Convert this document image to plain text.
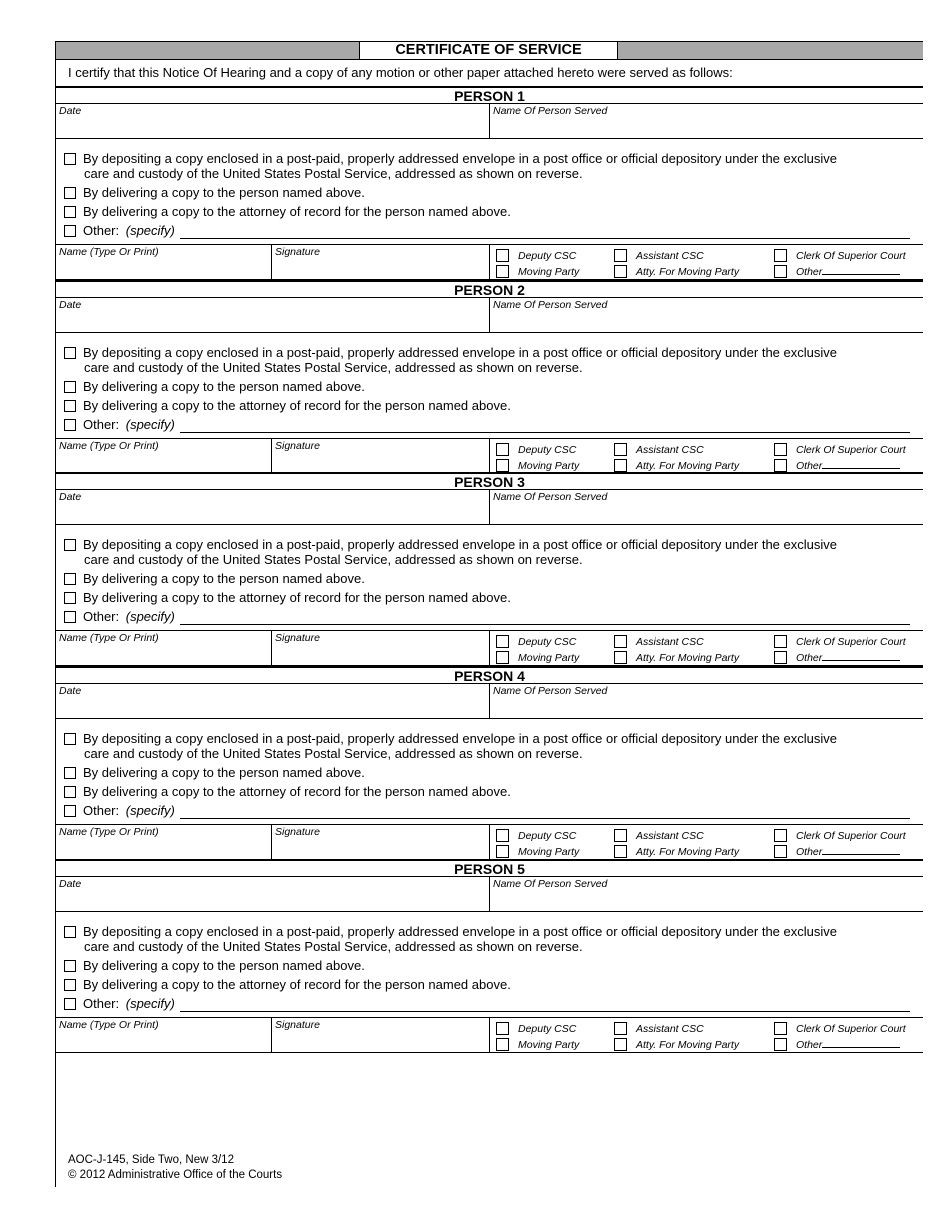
CERTIFICATE OF SERVICE
I certify that this Notice Of Hearing and a copy of any motion or other paper attached hereto were served as follows:
PERSON 1
Date	Name Of Person Served
By depositing a copy enclosed in a post-paid, properly addressed envelope in a post office or official depository under the exclusive
care and custody of the United States Postal Service, addressed as shown on reverse.
By delivering a copy to the person named above.
By delivering a copy to the attorney of record for the person named above.
Other: (specify)
Name (Type Or Print)	Signature	Deputy CSC	Assistant CSC	Clerk Of Superior Court
Moving Party	Atty. For Moving Party	Other
PERSON 2
Date	Name Of Person Served
By depositing a copy enclosed in a post-paid, properly addressed envelope in a post office or official depository under the exclusive
care and custody of the United States Postal Service, addressed as shown on reverse.
By delivering a copy to the person named above.
By delivering a copy to the attorney of record for the person named above.
Other: (specify)
Name (Type Or Print)	Signature	Deputy CSC	Assistant CSC	Clerk Of Superior Court
Moving Party	Atty. For Moving Party	Other
PERSON 3
Date	Name Of Person Served
By depositing a copy enclosed in a post-paid, properly addressed envelope in a post office or official depository under the exclusive
care and custody of the United States Postal Service, addressed as shown on reverse.
By delivering a copy to the person named above.
By delivering a copy to the attorney of record for the person named above.
Other: (specify)
Name (Type Or Print)	Signature	Deputy CSC	Assistant CSC	Clerk Of Superior Court
Moving Party	Atty. For Moving Party	Other
PERSON 4
Date	Name Of Person Served
By depositing a copy enclosed in a post-paid, properly addressed envelope in a post office or official depository under the exclusive
care and custody of the United States Postal Service, addressed as shown on reverse.
By delivering a copy to the person named above.
By delivering a copy to the attorney of record for the person named above.
Other: (specify)
Name (Type Or Print)	Signature	Deputy CSC	Assistant CSC	Clerk Of Superior Court
Moving Party	Atty. For Moving Party	Other
PERSON 5
Date	Name Of Person Served
By depositing a copy enclosed in a post-paid, properly addressed envelope in a post office or official depository under the exclusive
care and custody of the United States Postal Service, addressed as shown on reverse.
By delivering a copy to the person named above.
By delivering a copy to the attorney of record for the person named above.
Other: (specify)
Name (Type Or Print)	Signature	Deputy CSC	Assistant CSC	Clerk Of Superior Court
Moving Party	Atty. For Moving Party	Other
AOC-J-145, Side Two, New 3/12
© 2012 Administrative Office of the Courts
